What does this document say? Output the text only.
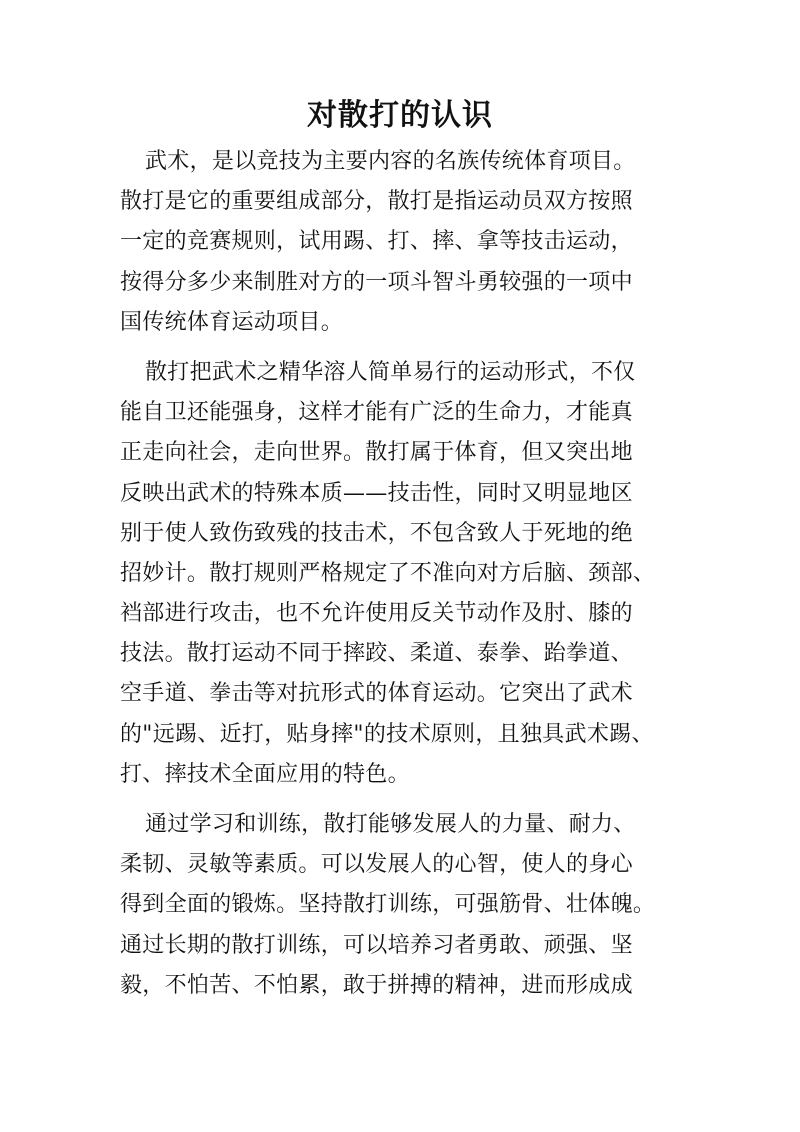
对散打的认识
武术，是以竞技为主要内容的名族传统体育项目。
散打是它的重要组成部分，散打是指运动员双方按照
一定的竞赛规则，试用踢、打、摔、拿等技击运动，
按得分多少来制胜对方的一项斗智斗勇较强的一项中
国传统体育运动项目。
散打把武术之精华溶人简单易行的运动形式，不仅
能自卫还能强身，这样才能有广泛的生命力，才能真
正走向社会，走向世界。散打属于体育，但又突出地
反映出武术的特殊本质——技击性，同时又明显地区
别于使人致伤致残的技击术，不包含致人于死地的绝
招妙计。散打规则严格规定了不准向对方后脑、颈部、
裆部进行攻击，也不允许使用反关节动作及肘、膝的
技法。散打运动不同于摔跤、柔道、泰拳、跆拳道、
空手道、拳击等对抗形式的体育运动。它突出了武术
的"远踢、近打，贴身摔"的技术原则，且独具武术踢、
打、摔技术全面应用的特色。
通过学习和训练，散打能够发展人的力量、耐力、
柔韧、灵敏等素质。可以发展人的心智，使人的身心
得到全面的锻炼。坚持散打训练，可强筋骨、壮体魄。
通过长期的散打训练，可以培养习者勇敢、顽强、坚
毅，不怕苦、不怕累，敢于拼搏的精神，进而形成成
